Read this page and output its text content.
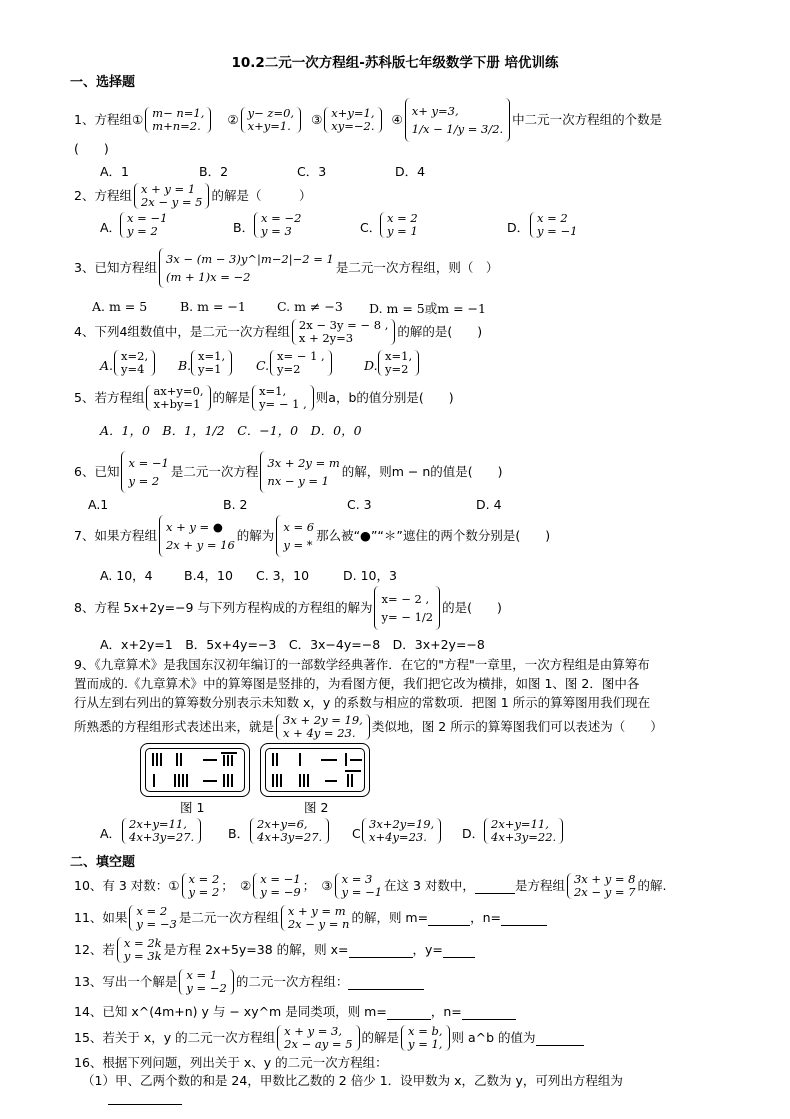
10.2二元一次方程组-苏科版七年级数学下册 培优训练
一、选择题
1、方程组① m− n=1,
m+n=2. ② y− z=0,
x+y=1. ③ x+y=1,
xy=−2. ④
x+ y=3,
1/x − 1/y = 3/2.
中二元一次方程组的个数是
(　　)
A．1	B．2	C．3	D．4
2、方程组 x + y = 1
2x − y = 5 的解是（　　　）
A．
x = −1
y = 2	B．
x = −2
y = 3	C．
x = 2
y = 1	D．
x = 2
y = −1
3、已知方程组
3x − (m − 3)y^|m−2|−2 = 1
(m + 1)x = −2
是二元一次方程组，则（　）
A. m = 5	B. m = −1	C. m ≠ −3	D. m = 5或m = −1
4、下列4组数值中，是二元一次方程组 2x − 3y = − 8 ,
x + 2y=3	的解的是(　　)
A.
x=2,
y=4	B.
x=1,
y=1	C.
x= − 1 ,
y=2	D.
x=1,
y=2
5、若方程组 ax+y=0,
x+by=1 的解是 x=1,
y= − 1 , 则a，b的值分别是(　　)
A．1，0　B．1，1/2　C．−1，0　D．0，0
6、已知
x = −1
y = 2
是二元一次方程
3x + 2y = m
nx − y = 1
的解，则m − n的值是(　　)
A.1	B. 2	C. 3	D. 4
7、如果方程组
x + y = ●
2x + y = 16
的解为
x = 6
y = *
那么被“●”“＊”遮住的两个数分别是(　　)
A. 10，4	B.4，10	C. 3，10	D. 10，3
8、方程 5x+2y=−9 与下列方程构成的方程组的解为
x= − 2 ,
y= − 1/2
的是(　　)
A．x+2y=1　B．5x+4y=−3　C．3x−4y=−8　D．3x+2y=−8
9、《九章算术》是我国东汉初年编订的一部数学经典著作．在它的"方程"一章里，一次方程组是由算筹布
置而成的.《九章算术》中的算筹图是竖排的，为看图方便，我们把它改为横排，如图 1、图 2．图中各
行从左到右列出的算筹数分别表示未知数 x，y 的系数与相应的常数项．把图 1 所示的算筹图用我们现在
所熟悉的方程组形式表述出来，就是 3x + 2y = 19,
x + 4y = 23.	类似地，图 2 所示的算筹图我们可以表述为（　　）
图 1	图 2
A．
2x+y=11,
4x+3y=27.	B．
2x+y=6,
4x+3y=27. C
3x+2y=19,
x+4y=23.	D．
2x+y=11,
4x+3y=22.
二、填空题
10、有 3 对数：① x = 2
y = 2 ；　② x = −1
y = −9 ；　③ x = 3
y = −1 在这 3 对数中，	是方程组 3x + y = 8
2x − y = 7 的解.
11、如果 x = 2
y = −3 是二元一次方程组 x + y = m
2x − y = n 的解，则 m=	，n=
12、若 x = 2k
y = 3k 是方程 2x+5y=38 的解，则 x=	，y=
13、写出一个解是 x = 1
y = −2 的二元一次方程组：
14、已知 x^(4m+n) y 与 − xy^m 是同类项，则 m=	，n=
15、若关于 x，y 的二元一次方程组 x + y = 3,
2x − ay = 5 的解是 x = b,
y = 1, 则 a^b 的值为
16、根据下列问题，列出关于 x、y 的二元一次方程组：
（1）甲、乙两个数的和是 24，甲数比乙数的 2 倍少 1．设甲数为 x，乙数为 y，可列出方程组为
